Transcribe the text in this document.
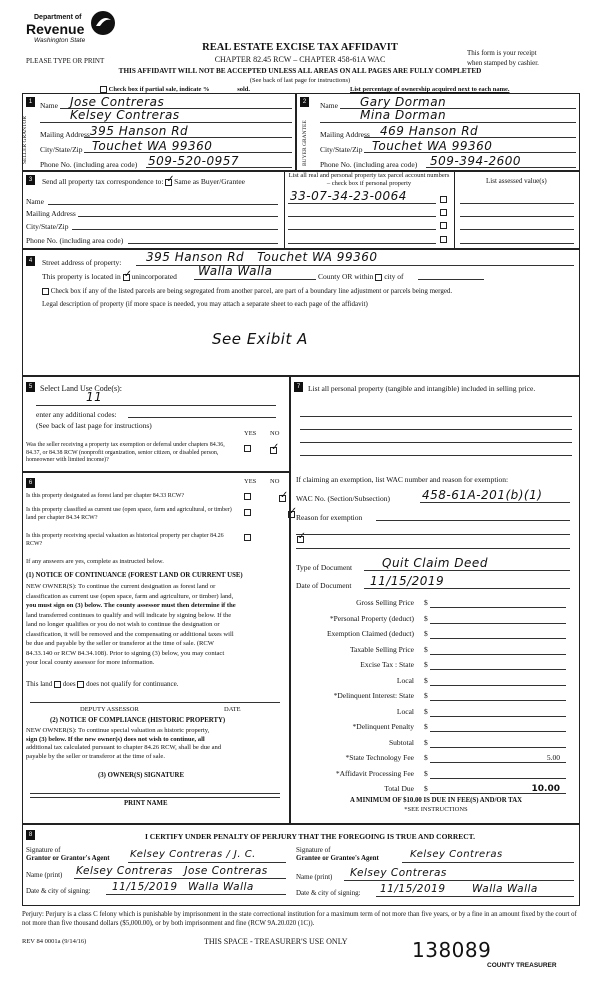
Department of
Revenue
Washington State
PLEASE TYPE OR PRINT
REAL ESTATE EXCISE TAX AFFIDAVIT
CHAPTER 82.45 RCW – CHAPTER 458-61A WAC
This form is your receipt
when stamped by cashier.
THIS AFFIDAVIT WILL NOT BE ACCEPTED UNLESS ALL AREAS ON ALL PAGES ARE FULLY COMPLETED
(See back of last page for instructions)
Check box if partial sale, indicate %	sold.	List percentage of ownership acquired next to each name.
1	2
SELLER GRANTOR	BUYER GRANTEE
Name Jose Contreras
Kelsey Contreras
Mailing Address 395 Hanson Rd
City/State/Zip Touchet WA 99360
Phone No. (including area code) 509-520-0957
Name Gary Dorman
Mina Dorman
Mailing Address 469 Hanson Rd
City/State/Zip Touchet WA 99360
Phone No. (including area code) 509-394-2600
3	Send all property tax correspondence to: ✓ Same as Buyer/Grantee
List all real and personal property tax parcel account numbers – check box if personal property	List assessed value(s)
Name
Mailing Address
City/State/Zip
Phone No. (including area code)
33-07-34-23-0064
4	Street address of property: 395 Hanson Rd   Touchet WA 99360
This property is located in ✓ unincorporated Walla Walla	County OR within city of
Check box if any of the listed parcels are being segregated from another parcel, are part of a boundary line adjustment or parcels being merged.
Legal description of property (if more space is needed, you may attach a separate sheet to each page of the affidavit)
See Exibit A
5 Select Land Use Code(s):
11
enter any additional codes:
(See back of last page for instructions)
YES NO
Was the seller receiving a property tax exemption or deferral under chapters 84.36, 84.37, or 84.38 RCW (nonprofit organization, senior citizen, or disabled person, homeowner with limited income)?
✓
6	YES NO
Is this property designated as forest land per chapter 84.33 RCW?
✓
Is this property classified as current use (open space, farm and agricultural, or timber) land per chapter 84.34 RCW?
✓
Is this property receiving special valuation as historical property per chapter 84.26 RCW?
✓
If any answers are yes, complete as instructed below.
(1) NOTICE OF CONTINUANCE (FOREST LAND OR CURRENT USE)
NEW OWNER(S): To continue the current designation as forest land or
classification as current use (open space, farm and agriculture, or timber) land,
you must sign on (3) below. The county assessor must then determine if the
land transferred continues to qualify and will indicate by signing below. If the
land no longer qualifies or you do not wish to continue the designation or
classification, it will be removed and the compensating or additional taxes will
be due and payable by the seller or transferor at the time of sale. (RCW
84.33.140 or RCW 84.34.108). Prior to signing (3) below, you may contact
your local county assessor for more information.
This land does does not qualify for continuance.
DEPUTY ASSESSOR	DATE
(2) NOTICE OF COMPLIANCE (HISTORIC PROPERTY)
NEW OWNER(S): To continue special valuation as historic property,
sign (3) below. If the new owner(s) does not wish to continue, all
additional tax calculated pursuant to chapter 84.26 RCW, shall be due and
payable by the seller or transferor at the time of sale.
(3) OWNER(S) SIGNATURE
PRINT NAME
7	List all personal property (tangible and intangible) included in selling price.
If claiming an exemption, list WAC number and reason for exemption:
WAC No. (Section/Subsection)	458-61A-201(b)(1)
Reason for exemption
Type of Document Quit Claim Deed
Date of Document 11/15/2019
Gross Selling Price $
*Personal Property (deduct) $
Exemption Claimed (deduct) $
Taxable Selling Price $
Excise Tax : State $
Local $
*Delinquent Interest: State $
Local $
*Delinquent Penalty $
Subtotal $
*State Technology Fee $	5.00
*Affidavit Processing Fee $
Total Due $	10.00
A MINIMUM OF $10.00 IS DUE IN FEE(S) AND/OR TAX
*SEE INSTRUCTIONS
8	I CERTIFY UNDER PENALTY OF PERJURY THAT THE FOREGOING IS TRUE AND CORRECT.
Signature of
Grantor or Grantor's Agent Kelsey Contreras / J. C.
Name (print) Kelsey Contreras   Jose Contreras
Date & city of signing: 11/15/2019 Walla Walla
Signature of
Grantee or Grantee's Agent	Kelsey Contreras
Name (print) Kelsey Contreras
Date & city of signing: 11/15/2019	Walla Walla
Perjury: Perjury is a class C felony which is punishable by imprisonment in the state correctional institution for a maximum term of not more than five years, or by a fine in an amount fixed by the court of not more than five thousand dollars ($5,000.00), or by both imprisonment and fine (RCW 9A.20.020 (1C)).
REV 84 0001a (9/14/16)	THIS SPACE - TREASURER'S USE ONLY	138089
COUNTY TREASURER
